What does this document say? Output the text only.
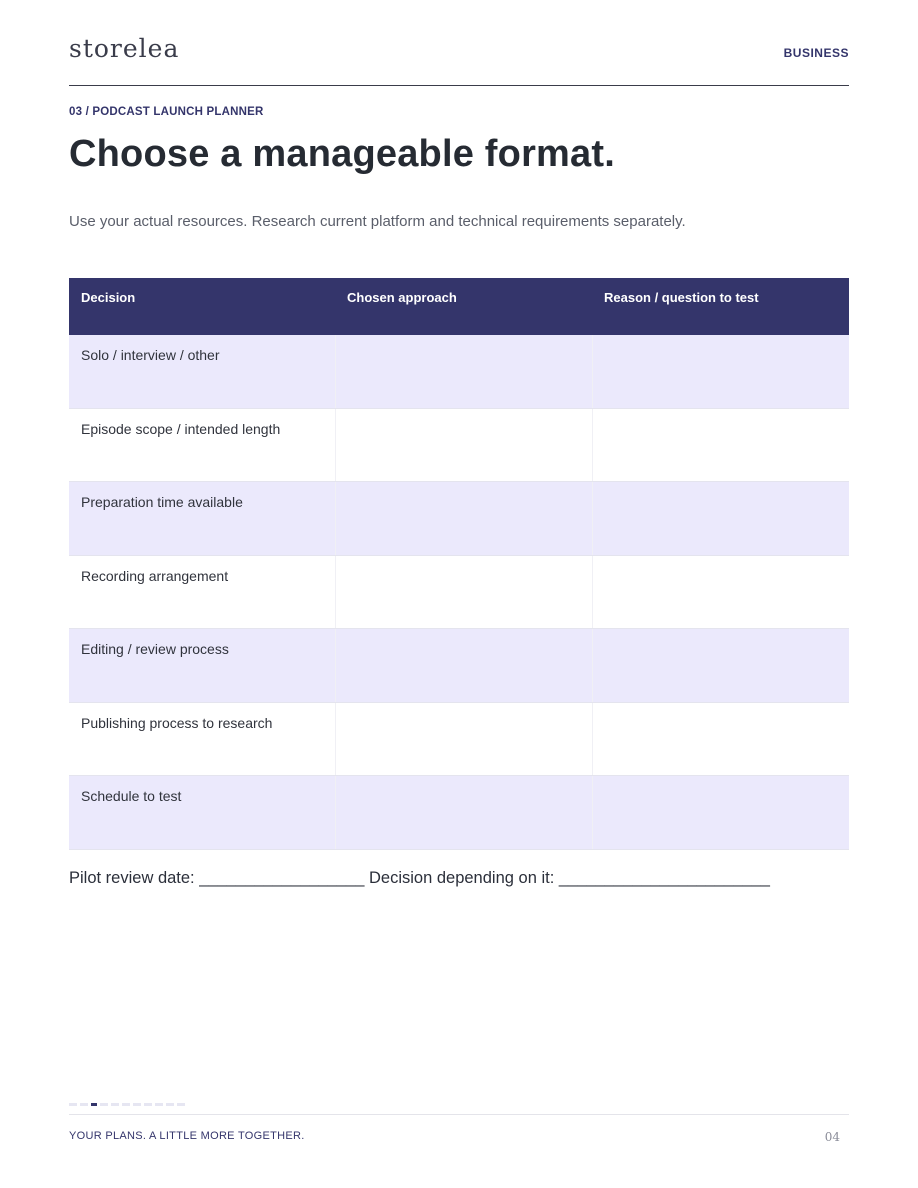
storelea	BUSINESS
03 / PODCAST LAUNCH PLANNER
Choose a manageable format.
Use your actual resources. Research current platform and technical requirements separately.
Decision	Chosen approach	Reason / question to test
Solo / interview / other
Episode scope / intended length
Preparation time available
Recording arrangement
Editing / review process
Publishing process to research
Schedule to test
Pilot review date: __________________ Decision depending on it: _______________________
YOUR PLANS. A LITTLE MORE TOGETHER.	04
